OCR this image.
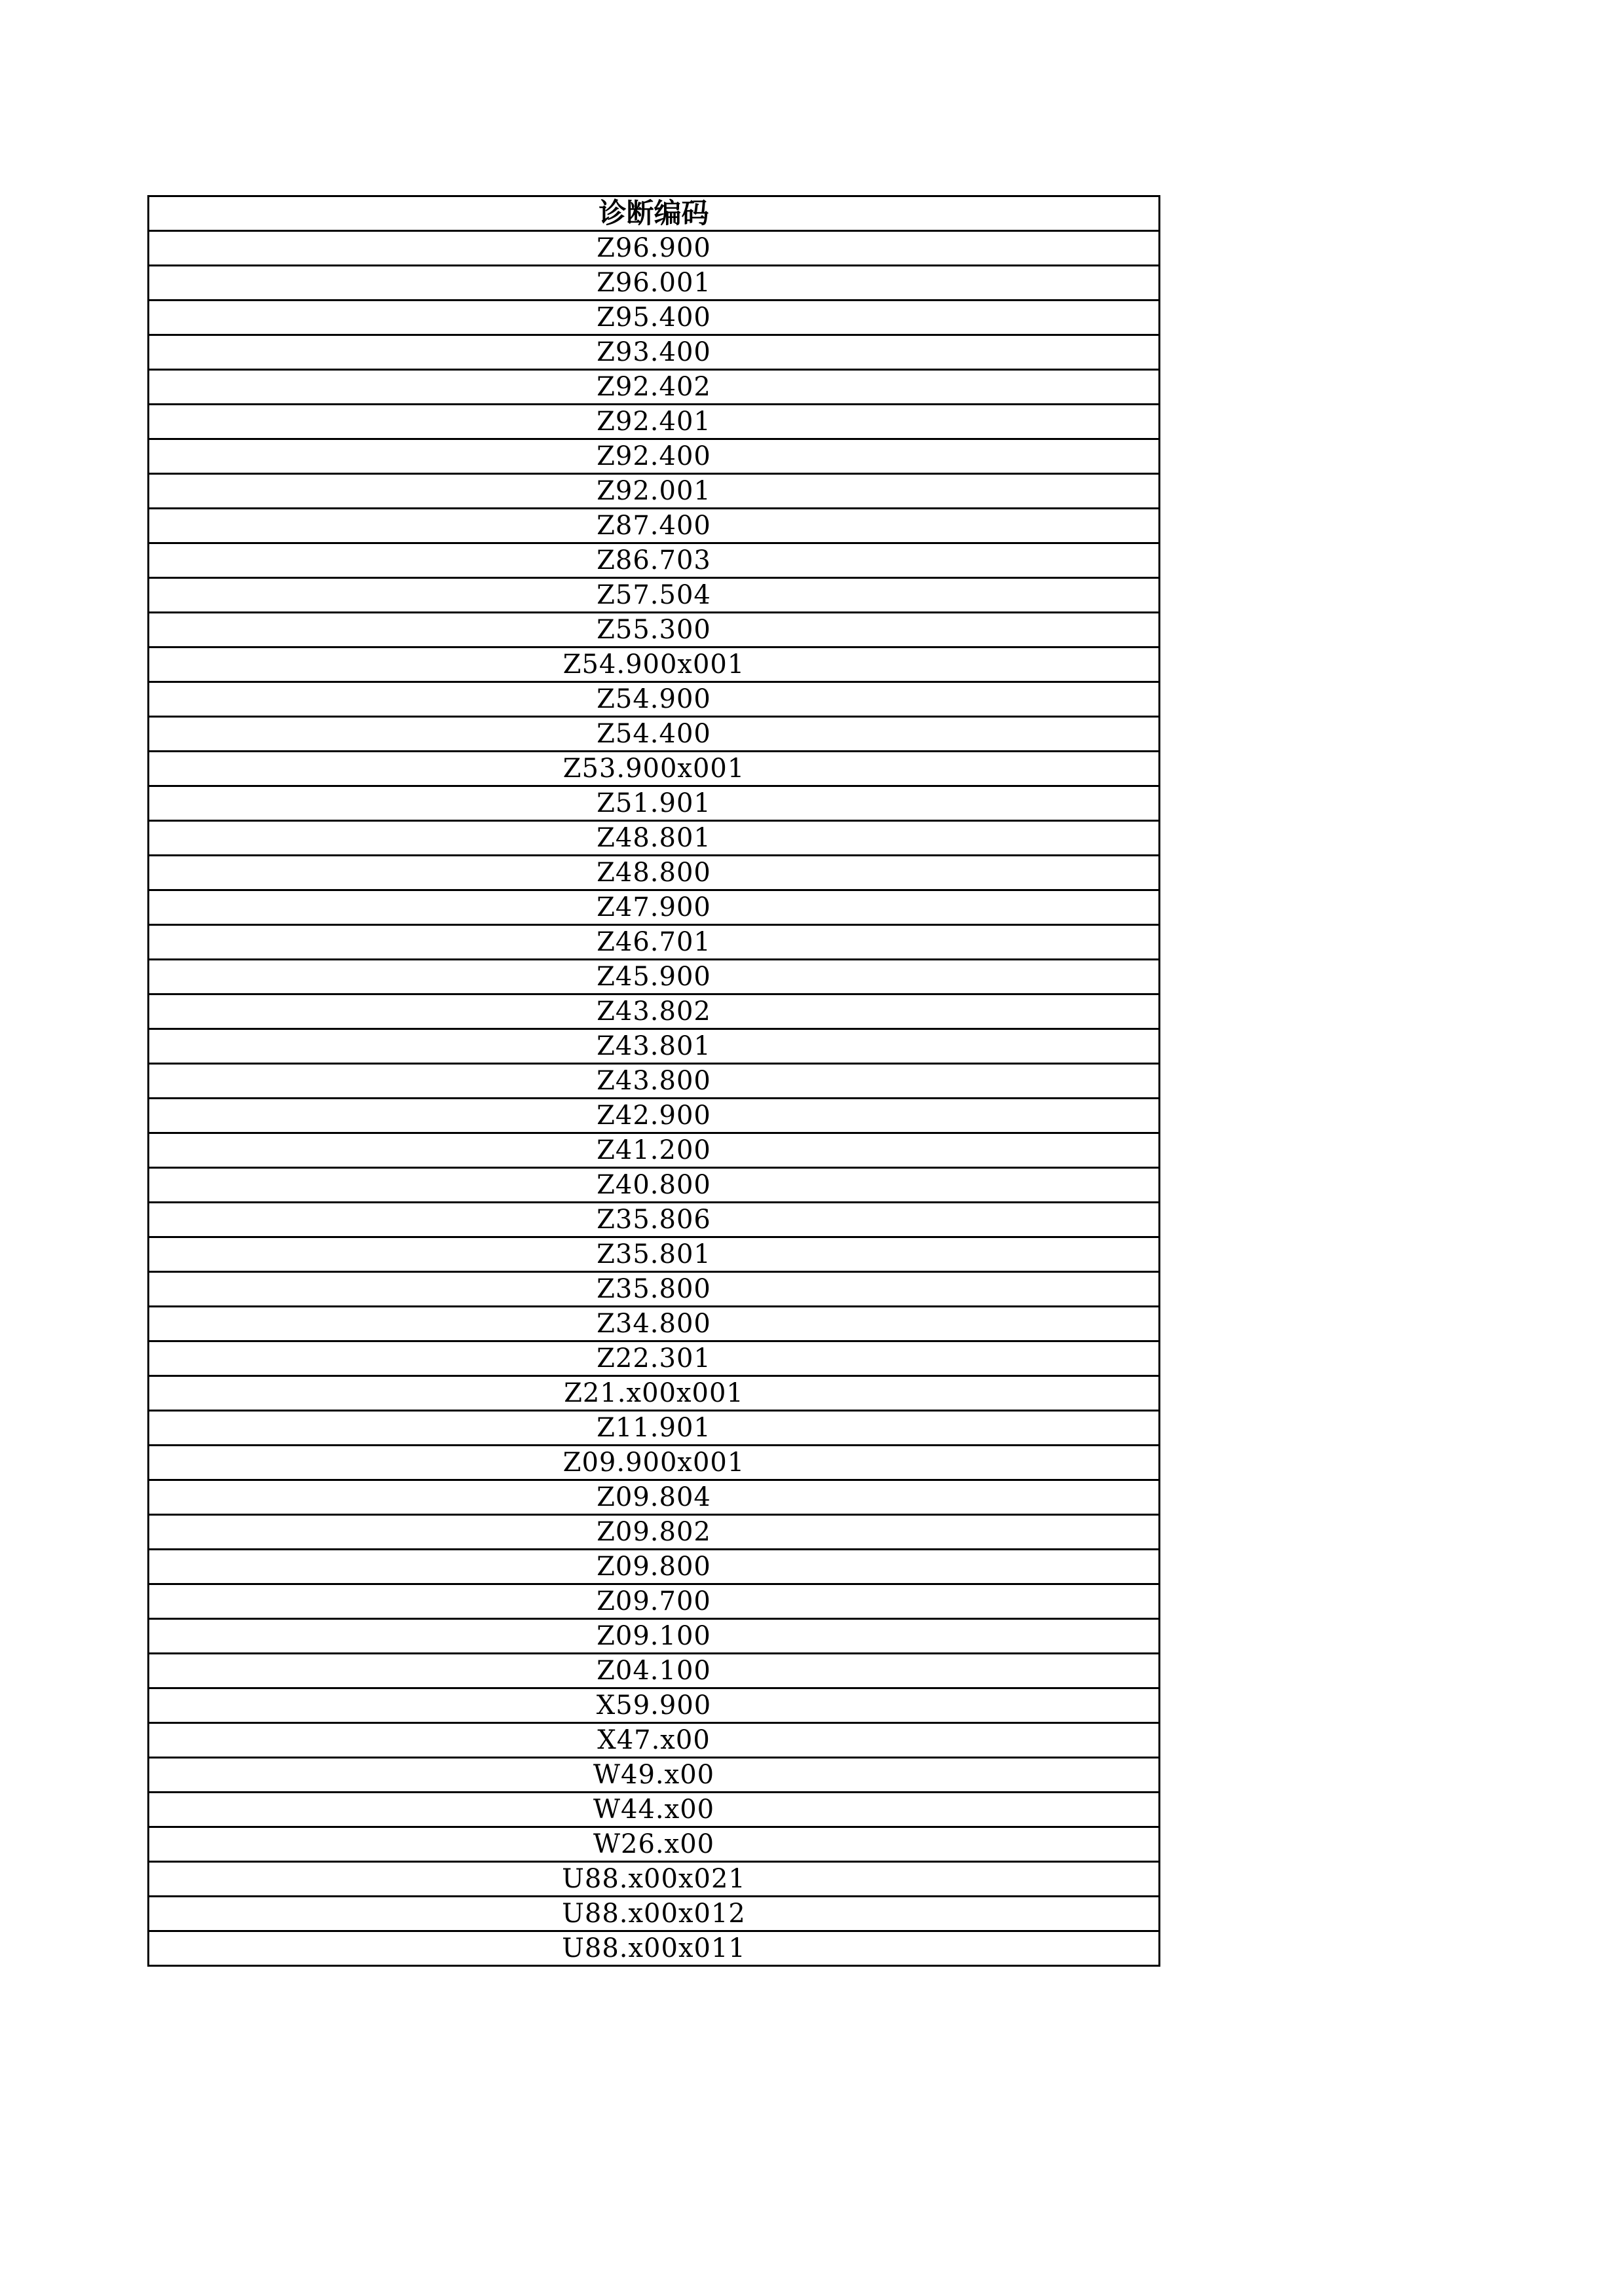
诊断编码
Z96.900
Z96.001
Z95.400
Z93.400
Z92.402
Z92.401
Z92.400
Z92.001
Z87.400
Z86.703
Z57.504
Z55.300
Z54.900x001
Z54.900
Z54.400
Z53.900x001
Z51.901
Z48.801
Z48.800
Z47.900
Z46.701
Z45.900
Z43.802
Z43.801
Z43.800
Z42.900
Z41.200
Z40.800
Z35.806
Z35.801
Z35.800
Z34.800
Z22.301
Z21.x00x001
Z11.901
Z09.900x001
Z09.804
Z09.802
Z09.800
Z09.700
Z09.100
Z04.100
X59.900
X47.x00
W49.x00
W44.x00
W26.x00
U88.x00x021
U88.x00x012
U88.x00x011
